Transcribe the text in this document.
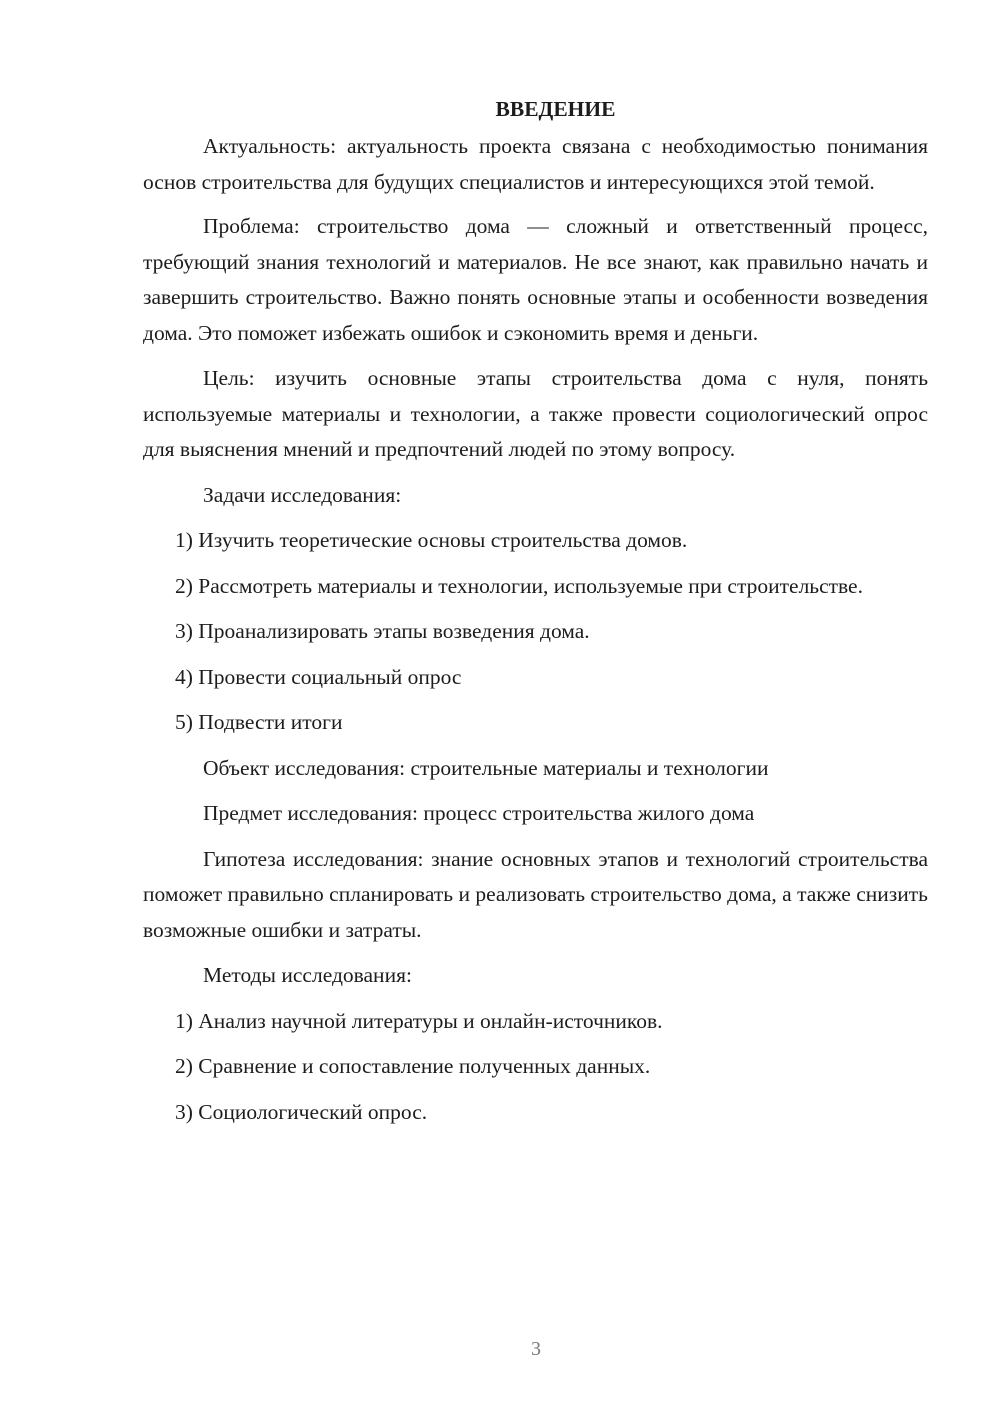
ВВЕДЕНИЕ

Актуальность: актуальность проекта связана с необходимостью понимания основ строительства для будущих специалистов и интересующихся этой темой.

Проблема: строительство дома — сложный и ответственный процесс, требующий знания технологий и материалов. Не все знают, как правильно начать и завершить строительство. Важно понять основные этапы и особенности возведения дома. Это поможет избежать ошибок и сэкономить время и деньги.

Цель: изучить основные этапы строительства дома с нуля, понять используемые материалы и технологии, а также провести социологический опрос для выяснения мнений и предпочтений людей по этому вопросу.

Задачи исследования:

1) Изучить теоретические основы строительства домов.

2) Рассмотреть материалы и технологии, используемые при строительстве.

3) Проанализировать этапы возведения дома.

4) Провести социальный опрос

5) Подвести итоги

Объект исследования: строительные материалы и технологии

Предмет исследования: процесс строительства жилого дома

Гипотеза исследования: знание основных этапов и технологий строительства поможет правильно спланировать и реализовать строительство дома, а также снизить возможные ошибки и затраты.

Методы исследования:

1) Анализ научной литературы и онлайн-источников.

2) Сравнение и сопоставление полученных данных.

3) Социологический опрос.

3
